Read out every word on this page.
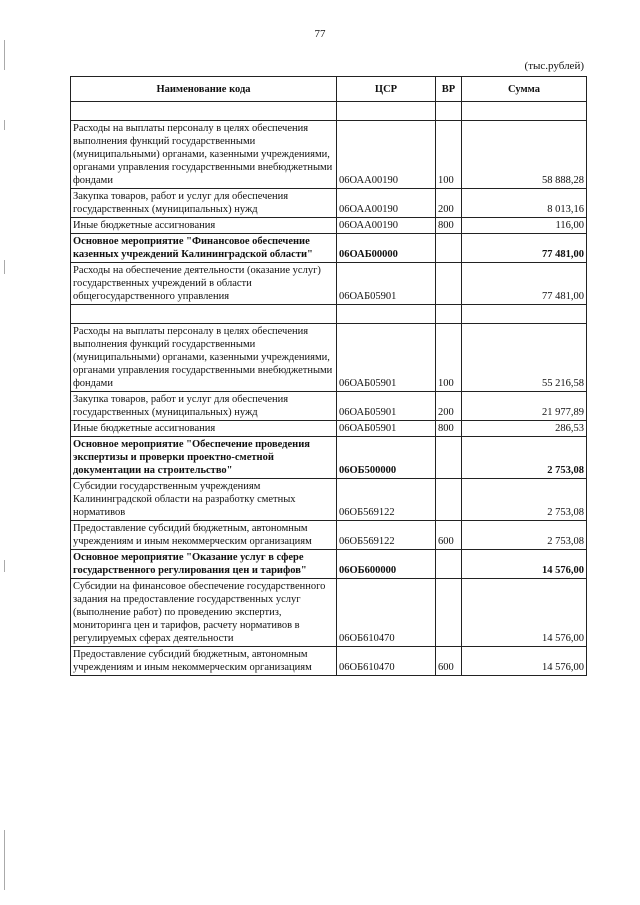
77
(тыс.рублей)
Наименование кода	ЦСР	ВР	Сумма

Расходы на выплаты персоналу в целях обеспечения выполнения функций государственными (муниципальными) органами, казенными учреждениями, органами управления государственными внебюджетными фондами	06ОАА00190	100	58 888,28
Закупка товаров, работ и услуг для обеспечения государственных (муниципальных) нужд	06ОАА00190	200	8 013,16
Иные бюджетные ассигнования	06ОАА00190	800	116,00
Основное мероприятие "Финансовое обеспечение казенных учреждений Калининградской области"	06ОАБ00000		77 481,00
Расходы на обеспечение деятельности (оказание услуг) государственных учреждений в области общегосударственного управления	06ОАБ05901		77 481,00

Расходы на выплаты персоналу в целях обеспечения выполнения функций государственными (муниципальными) органами, казенными учреждениями, органами управления государственными внебюджетными фондами	06ОАБ05901	100	55 216,58
Закупка товаров, работ и услуг для обеспечения государственных (муниципальных) нужд	06ОАБ05901	200	21 977,89
Иные бюджетные ассигнования	06ОАБ05901	800	286,53
Основное мероприятие "Обеспечение проведения экспертизы и проверки проектно-сметной документации на строительство"	06ОБ500000		2 753,08
Субсидии государственным учреждениям Калининградской области на разработку сметных нормативов	06ОБ569122		2 753,08
Предоставление субсидий бюджетным, автономным учреждениям и иным некоммерческим организациям	06ОБ569122	600	2 753,08
Основное мероприятие "Оказание услуг в сфере государственного регулирования цен и тарифов"	06ОБ600000		14 576,00
Субсидии на финансовое обеспечение государственного задания на предоставление государственных услуг (выполнение работ) по проведению экспертиз, мониторинга цен и тарифов, расчету нормативов в регулируемых сферах деятельности	06ОБ610470		14 576,00
Предоставление субсидий бюджетным, автономным учреждениям и иным некоммерческим организациям	06ОБ610470	600	14 576,00
